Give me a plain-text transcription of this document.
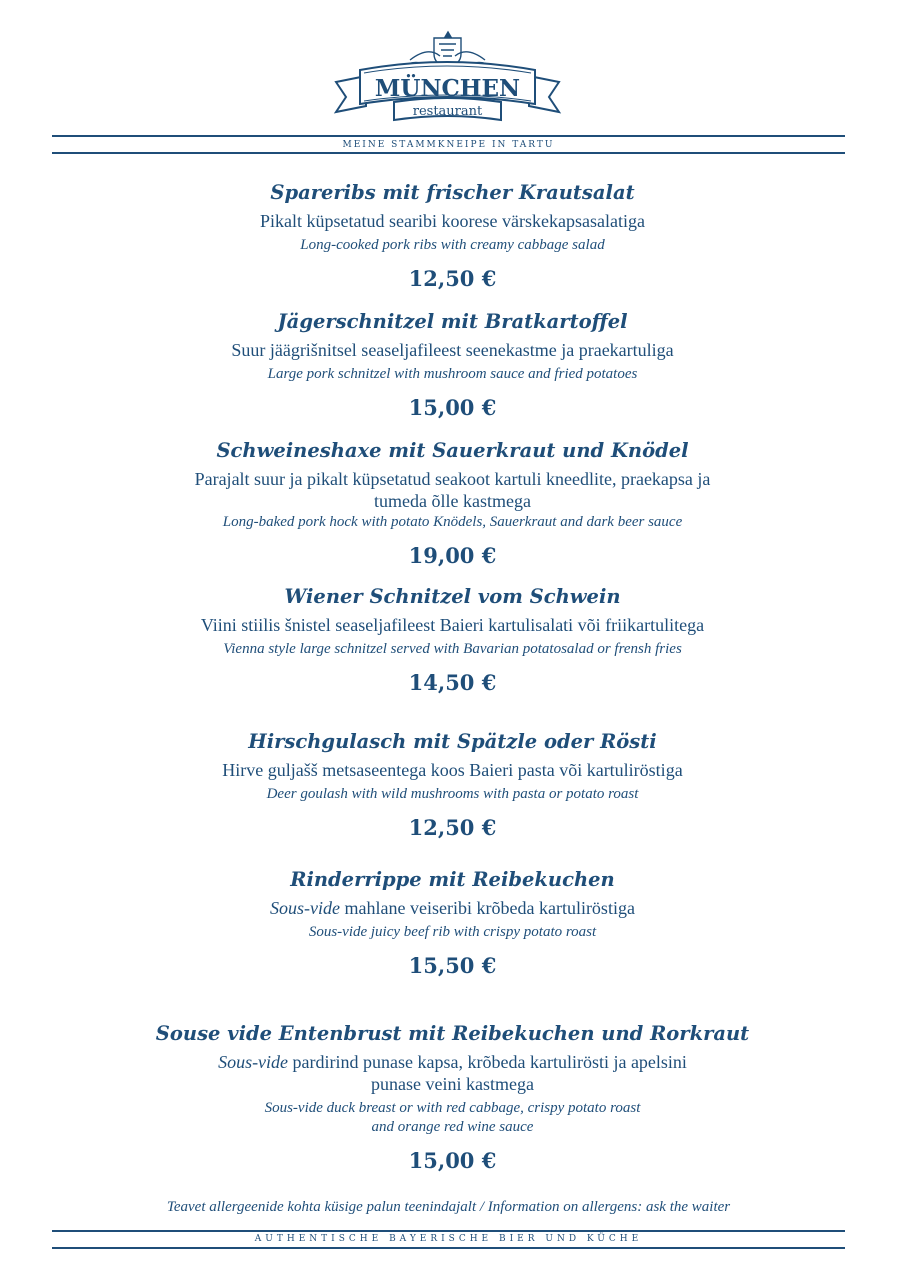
MÜNCHEN
restaurant
MEINE STAMMKNEIPE IN TARTU
Spareribs mit frischer Krautsalat
Pikalt küpsetatud searibi koorese värskekapsasalatiga
Long-cooked pork ribs with creamy cabbage salad
12,50 €
Jägerschnitzel mit Bratkartoffel
Suur jäägrišnitsel seaseljafileest seenekastme ja praekartuliga
Large pork schnitzel with mushroom sauce and fried potatoes
15,00 €
Schweineshaxe mit Sauerkraut und Knödel
Parajalt suur ja pikalt küpsetatud seakoot kartuli kneedlite, praekapsa ja
tumeda õlle kastmega
Long-baked pork hock with potato Knödels, Sauerkraut and dark beer sauce
19,00 €
Wiener Schnitzel vom Schwein
Viini stiilis šnistel seaseljafileest Baieri kartulisalati või friikartulitega
Vienna style large schnitzel served with Bavarian potatosalad or frensh fries
14,50 €
Hirschgulasch mit Spätzle oder Rösti
Hirve guljašš metsaseentega koos Baieri pasta või kartuliröstiga
Deer goulash with wild mushrooms with pasta or potato roast
12,50 €
Rinderrippe mit Reibekuchen
Sous-vide mahlane veiseribi krõbeda kartuliröstiga
Sous-vide juicy beef rib with crispy potato roast
15,50 €
Souse vide Entenbrust mit Reibekuchen und Rorkraut
Sous-vide pardirind punase kapsa, krõbeda kartulirösti ja apelsini
punase veini kastmega
Sous-vide duck breast or with red cabbage, crispy potato roast
and orange red wine sauce
15,00 €
Teavet allergeenide kohta küsige palun teenindajalt / Information on allergens: ask the waiter
AUTHENTISCHE BAYERISCHE BIER UND KÜCHE
